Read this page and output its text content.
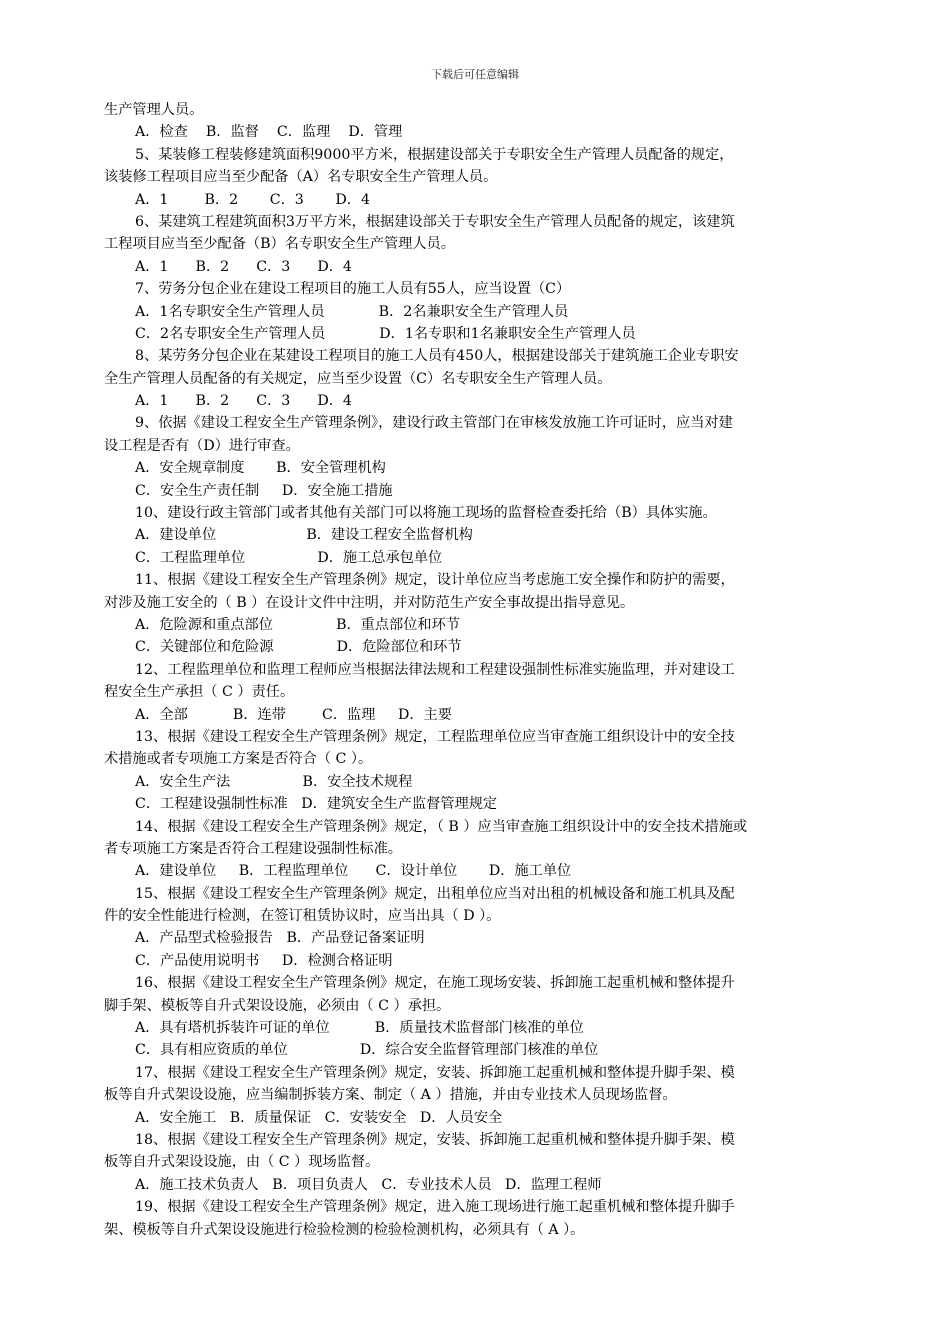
下载后可任意编辑
生产管理人员。
A．检查    B．监督    C．监理    D．管理
5、某装修工程装修建筑面积9000平方米，根据建设部关于专职安全生产管理人员配备的规定，
该装修工程项目应当至少配备（A）名专职安全生产管理人员。
A．1        B．2       C．3       D．4
6、某建筑工程建筑面积3万平方米，根据建设部关于专职安全生产管理人员配备的规定，该建筑
工程项目应当至少配备（B）名专职安全生产管理人员。
A．1      B．2      C．3      D．4
7、劳务分包企业在建设工程项目的施工人员有55人，应当设置（C）
A．1名专职安全生产管理人员            B．2名兼职安全生产管理人员
C．2名专职安全生产管理人员            D．1名专职和1名兼职安全生产管理人员
8、某劳务分包企业在某建设工程项目的施工人员有450人，根据建设部关于建筑施工企业专职安
全生产管理人员配备的有关规定，应当至少设置（C）名专职安全生产管理人员。
A．1      B．2      C．3      D．4
9、依据《建设工程安全生产管理条例》，建设行政主管部门在审核发放施工许可证时，应当对建
设工程是否有（D）进行审查。
A．安全规章制度       B．安全管理机构
C．安全生产责任制     D．安全施工措施
10、建设行政主管部门或者其他有关部门可以将施工现场的监督检查委托给（B）具体实施。
A．建设单位                    B．建设工程安全监督机构
C．工程监理单位                D．施工总承包单位
11、根据《建设工程安全生产管理条例》规定，设计单位应当考虑施工安全操作和防护的需要，
对涉及施工安全的（ B ）在设计文件中注明，并对防范生产安全事故提出指导意见。
A．危险源和重点部位              B．重点部位和环节
C．关键部位和危险源              D．危险部位和环节
12、工程监理单位和监理工程师应当根据法律法规和工程建设强制性标准实施监理，并对建设工
程安全生产承担（ C ）责任。
A．全部          B．连带        C．监理     D．主要
13、根据《建设工程安全生产管理条例》规定，工程监理单位应当审查施工组织设计中的安全技
术措施或者专项施工方案是否符合（ C ）。
A．安全生产法                B．安全技术规程
C．工程建设强制性标准   D．建筑安全生产监督管理规定
14、根据《建设工程安全生产管理条例》规定，（ B ）应当审查施工组织设计中的安全技术措施或
者专项施工方案是否符合工程建设强制性标准。
A．建设单位     B．工程监理单位      C．设计单位       D．施工单位
15、根据《建设工程安全生产管理条例》规定，出租单位应当对出租的机械设备和施工机具及配
件的安全性能进行检测，在签订租赁协议时，应当出具（ D ）。
A．产品型式检验报告   B．产品登记备案证明
C．产品使用说明书     D．检测合格证明
16、根据《建设工程安全生产管理条例》规定，在施工现场安装、拆卸施工起重机械和整体提升
脚手架、模板等自升式架设设施，必须由（ C ）承担。
A．具有塔机拆装许可证的单位          B．质量技术监督部门核准的单位
C．具有相应资质的单位                D．综合安全监督管理部门核准的单位
17、根据《建设工程安全生产管理条例》规定，安装、拆卸施工起重机械和整体提升脚手架、模
板等自升式架设设施，应当编制拆装方案、制定（ A ）措施，并由专业技术人员现场监督。
A．安全施工   B．质量保证   C．安装安全   D．人员安全
18、根据《建设工程安全生产管理条例》规定，安装、拆卸施工起重机械和整体提升脚手架、模
板等自升式架设设施，由（ C ）现场监督。
A．施工技术负责人   B．项目负责人   C．专业技术人员   D．监理工程师
19、根据《建设工程安全生产管理条例》规定，进入施工现场进行施工起重机械和整体提升脚手
架、模板等自升式架设设施进行检验检测的检验检测机构，必须具有（ A ）。
